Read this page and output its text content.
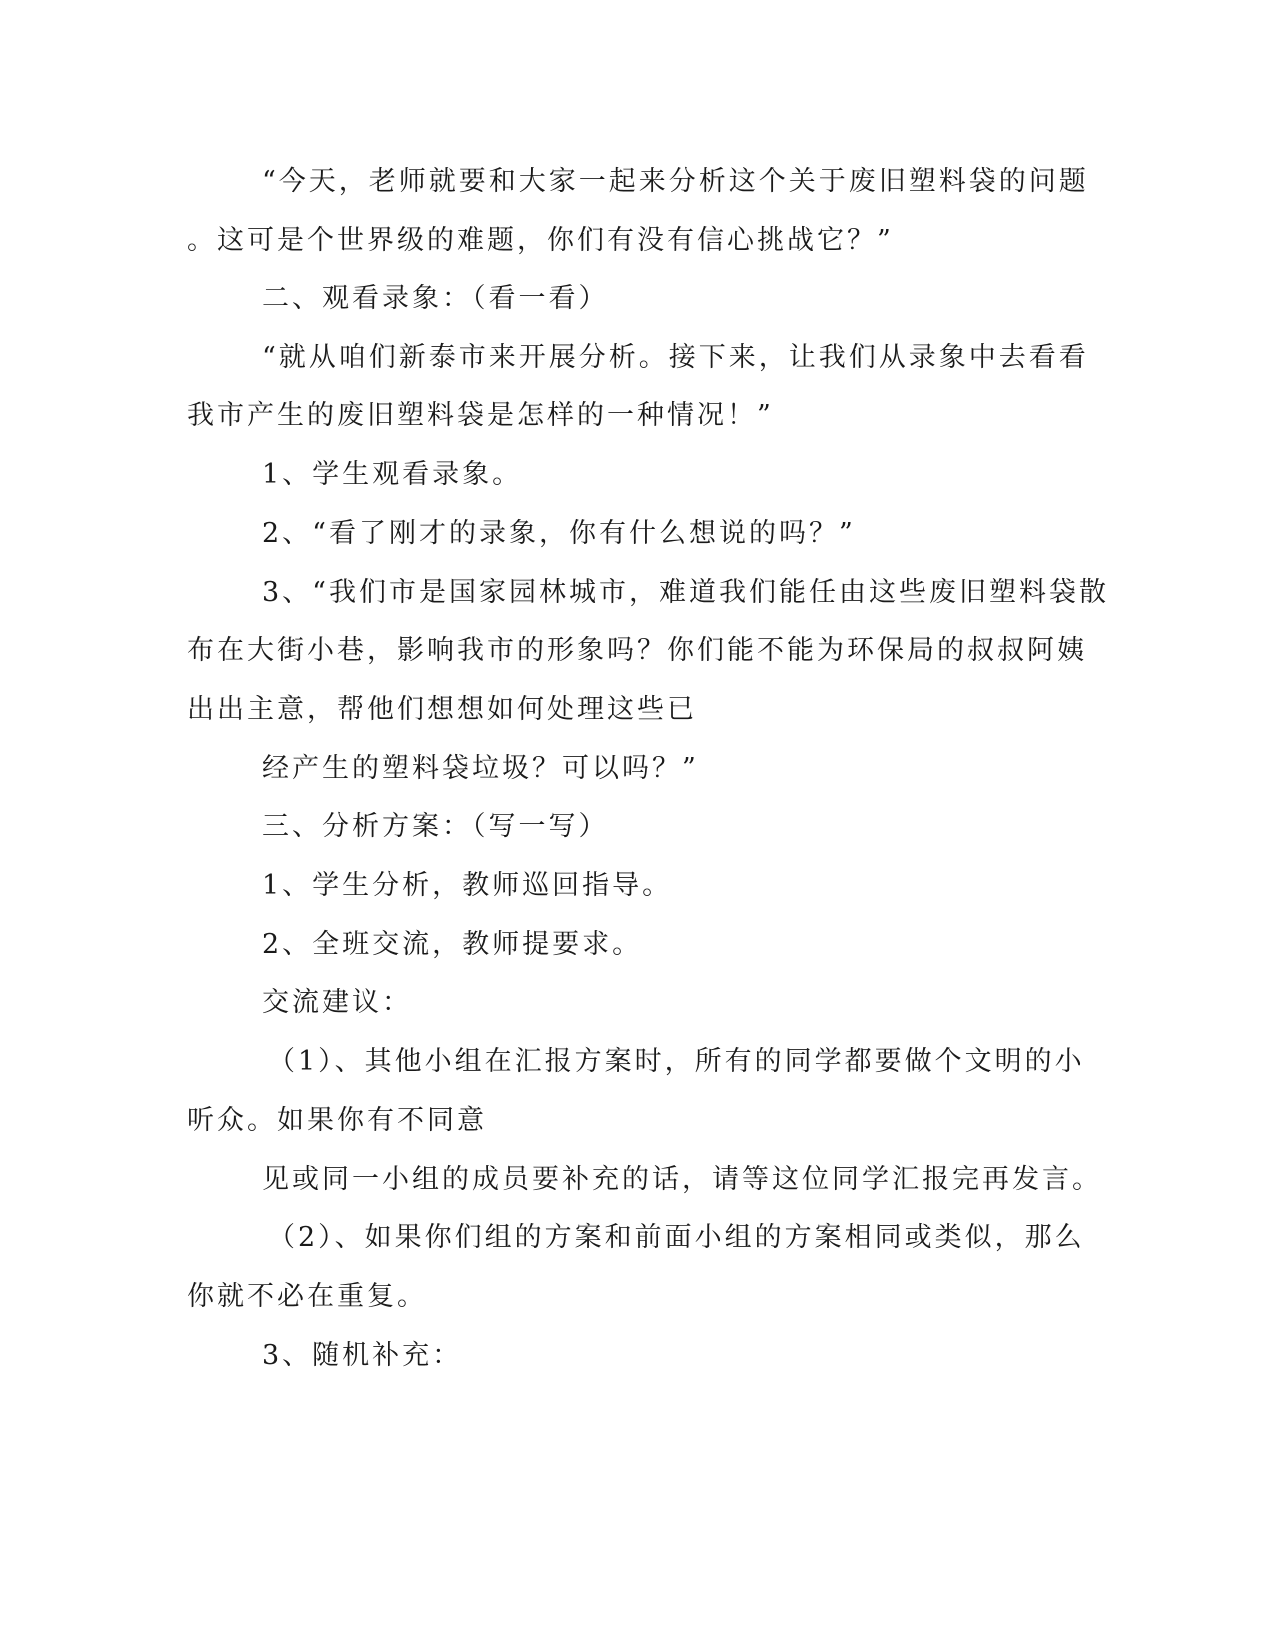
“今天，老师就要和大家一起来分析这个关于废旧塑料袋的问题

。这可是个世界级的难题，你们有没有信心挑战它？”

二、观看录象：（看一看）

“就从咱们新泰市来开展分析。接下来，让我们从录象中去看看

我市产生的废旧塑料袋是怎样的一种情况！”

1、学生观看录象。

2、“看了刚才的录象，你有什么想说的吗？”

3、“我们市是国家园林城市，难道我们能任由这些废旧塑料袋散

布在大街小巷，影响我市的形象吗？你们能不能为环保局的叔叔阿姨

出出主意，帮他们想想如何处理这些已

经产生的塑料袋垃圾？可以吗？”

三、分析方案：（写一写）

1、学生分析，教师巡回指导。

2、全班交流，教师提要求。

交流建议：

（1）、其他小组在汇报方案时，所有的同学都要做个文明的小

听众。如果你有不同意

见或同一小组的成员要补充的话，请等这位同学汇报完再发言。

（2）、如果你们组的方案和前面小组的方案相同或类似，那么

你就不必在重复。

3、随机补充：
